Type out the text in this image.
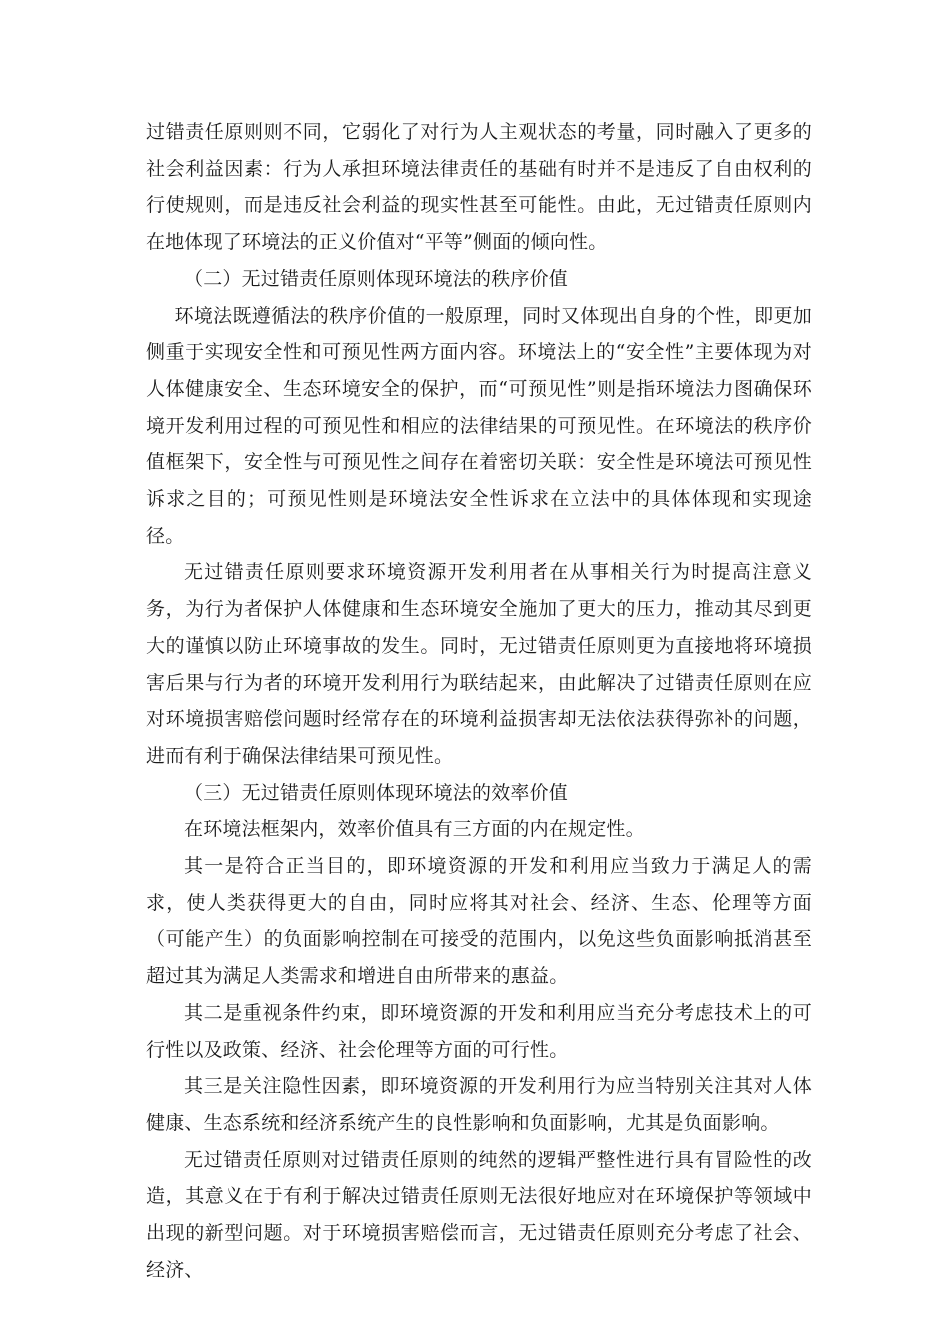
过错责任原则则不同，它弱化了对行为人主观状态的考量，同时融入了更多的社会利益因素：行为人承担环境法律责任的基础有时并不是违反了自由权利的行使规则，而是违反社会利益的现实性甚至可能性。由此，无过错责任原则内在地体现了环境法的正义价值对“平等”侧面的倾向性。

（二）无过错责任原则体现环境法的秩序价值

环境法既遵循法的秩序价值的一般原理，同时又体现出自身的个性，即更加侧重于实现安全性和可预见性两方面内容。环境法上的“安全性”主要体现为对人体健康安全、生态环境安全的保护，而“可预见性”则是指环境法力图确保环境开发利用过程的可预见性和相应的法律结果的可预见性。在环境法的秩序价值框架下，安全性与可预见性之间存在着密切关联：安全性是环境法可预见性诉求之目的；可预见性则是环境法安全性诉求在立法中的具体体现和实现途径。

无过错责任原则要求环境资源开发利用者在从事相关行为时提高注意义务，为行为者保护人体健康和生态环境安全施加了更大的压力，推动其尽到更大的谨慎以防止环境事故的发生。同时，无过错责任原则更为直接地将环境损害后果与行为者的环境开发利用行为联结起来，由此解决了过错责任原则在应对环境损害赔偿问题时经常存在的环境利益损害却无法依法获得弥补的问题，进而有利于确保法律结果可预见性。

（三）无过错责任原则体现环境法的效率价值

在环境法框架内，效率价值具有三方面的内在规定性。

其一是符合正当目的，即环境资源的开发和利用应当致力于满足人的需求，使人类获得更大的自由，同时应将其对社会、经济、生态、伦理等方面（可能产生）的负面影响控制在可接受的范围内，以免这些负面影响抵消甚至超过其为满足人类需求和增进自由所带来的惠益。

其二是重视条件约束，即环境资源的开发和利用应当充分考虑技术上的可行性以及政策、经济、社会伦理等方面的可行性。

其三是关注隐性因素，即环境资源的开发利用行为应当特别关注其对人体健康、生态系统和经济系统产生的良性影响和负面影响，尤其是负面影响。

无过错责任原则对过错责任原则的纯然的逻辑严整性进行具有冒险性的改造，其意义在于有利于解决过错责任原则无法很好地应对在环境保护等领域中出现的新型问题。对于环境损害赔偿而言，无过错责任原则充分考虑了社会、经济、
